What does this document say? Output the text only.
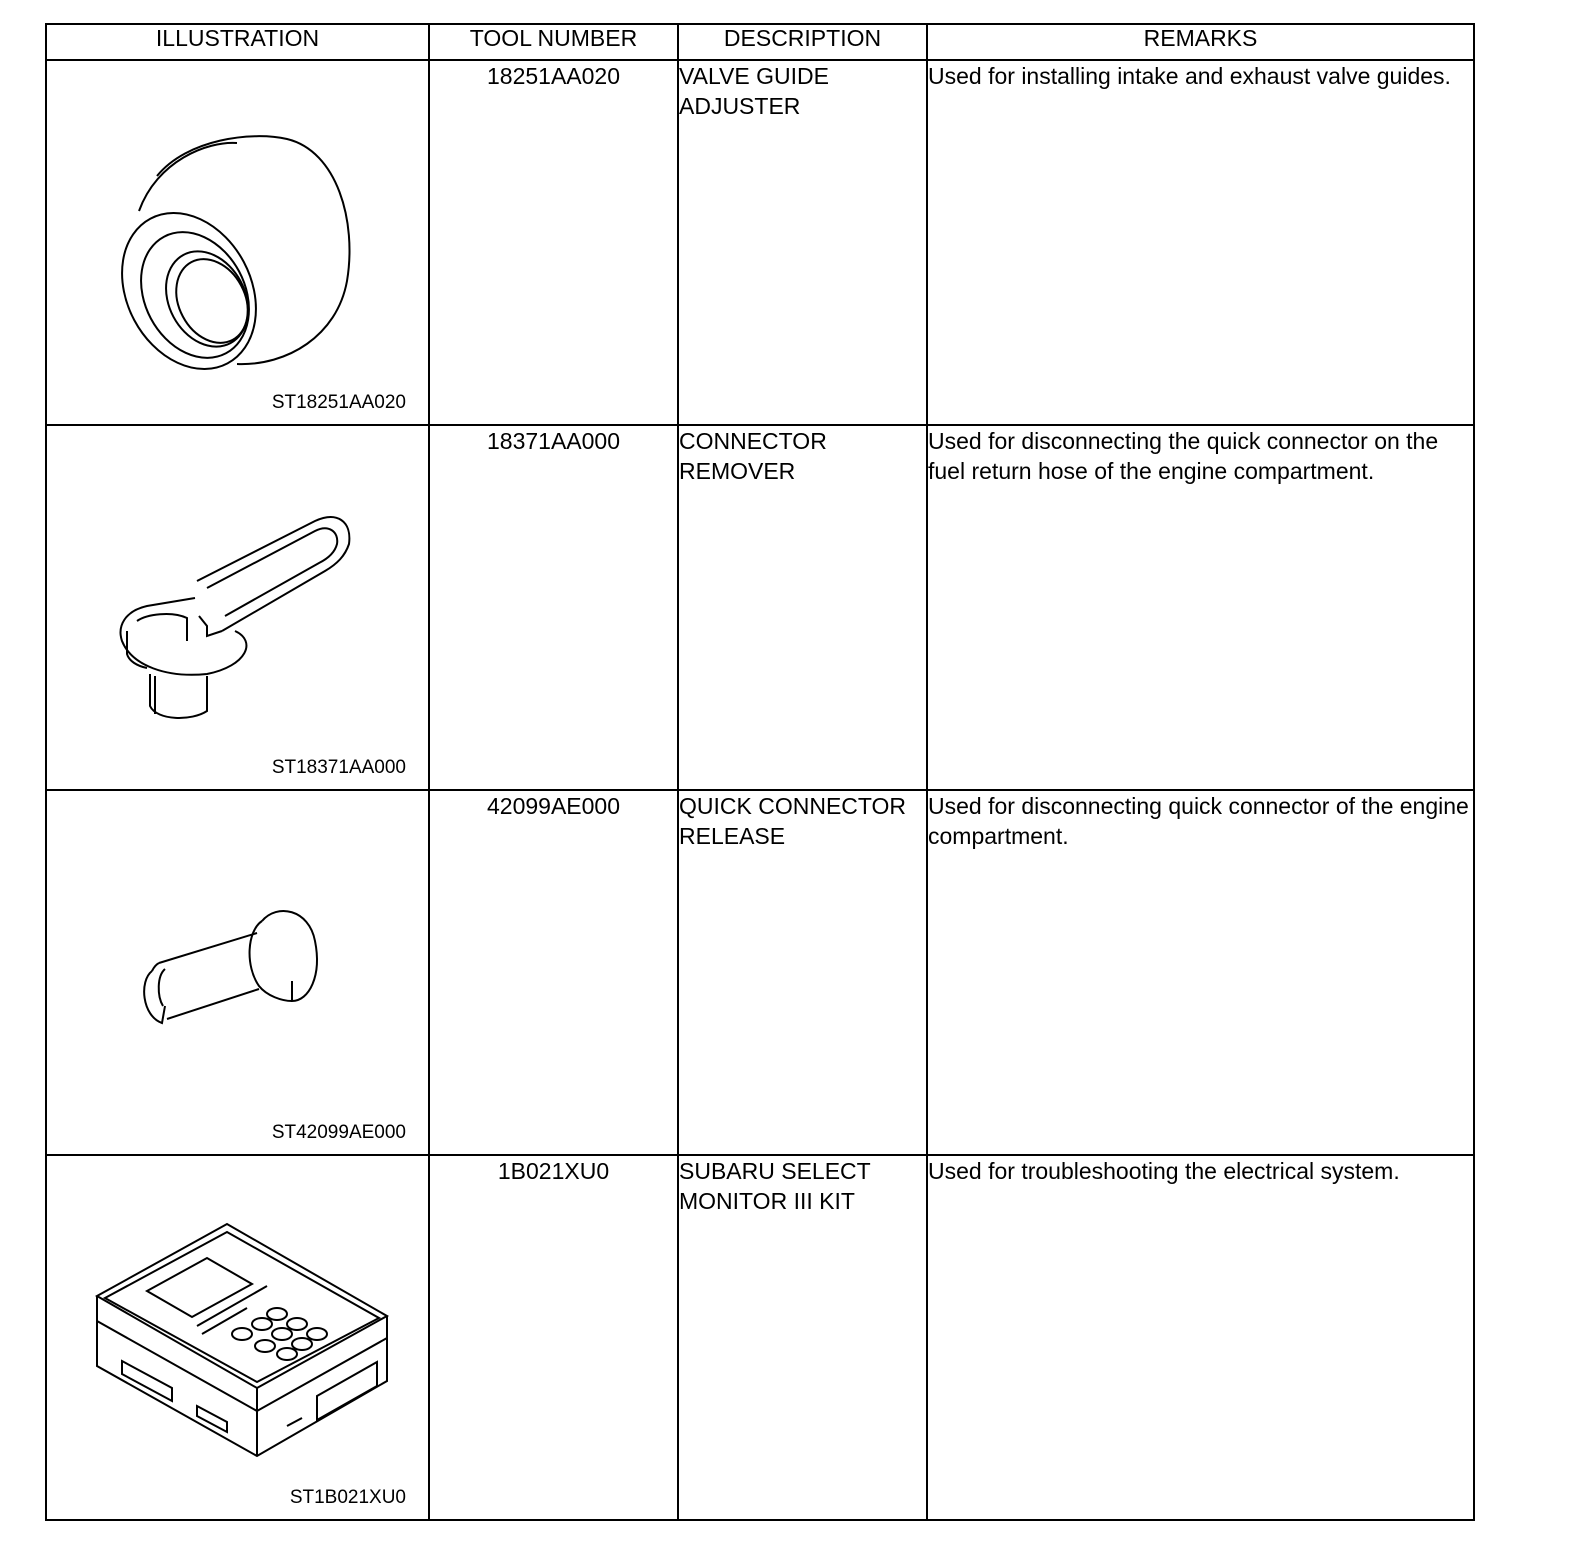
ILLUSTRATION	TOOL NUMBER	DESCRIPTION	REMARKS

ST18251AA020	18251AA020	VALVE GUIDE ADJUSTER	Used for installing intake and exhaust valve guides.

ST18371AA000	18371AA000	CONNECTOR REMOVER	Used for disconnecting the quick connector on the fuel return hose of the engine compartment.

ST42099AE000	42099AE000	QUICK CONNECTOR RELEASE	Used for disconnecting quick connector of the engine compartment.

ST1B021XU0	1B021XU0	SUBARU SELECT MONITOR III KIT	Used for troubleshooting the electrical system.
